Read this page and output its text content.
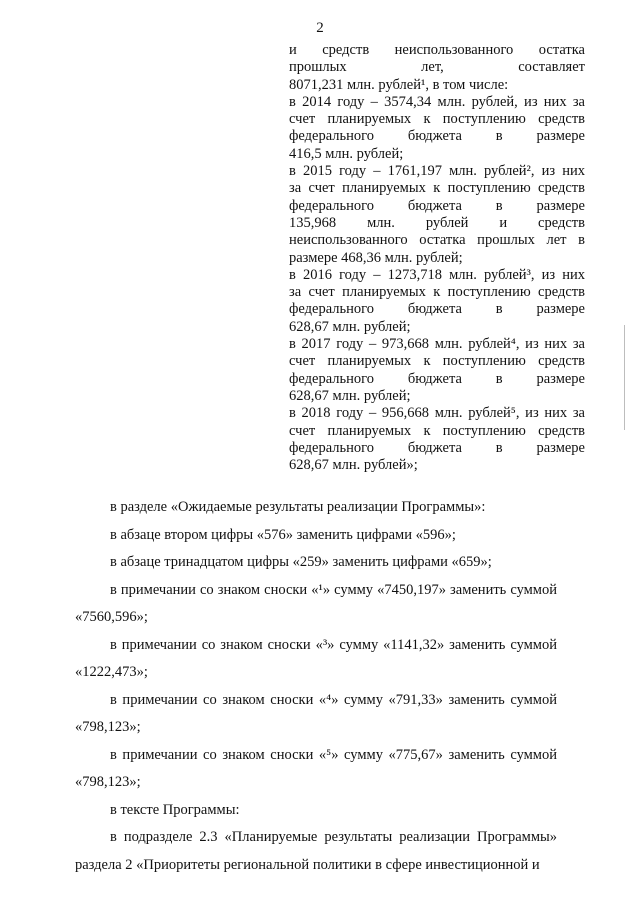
2
и средств неиспользованного остатка
прошлых лет, составляет
8071,231 млн. рублей¹, в том числе:
в 2014 году – 3574,34 млн. рублей, из них за
счет планируемых к поступлению средств
федерального бюджета в размере
416,5 млн. рублей;
в 2015 году – 1761,197 млн. рублей², из них
за счет планируемых к поступлению средств
федерального бюджета в размере
135,968 млн. рублей и средств
неиспользованного остатка прошлых лет в
размере 468,36 млн. рублей;
в 2016 году – 1273,718 млн. рублей³, из них
за счет планируемых к поступлению средств
федерального бюджета в размере
628,67 млн. рублей;
в 2017 году – 973,668 млн. рублей⁴, из них за
счет планируемых к поступлению средств
федерального бюджета в размере
628,67 млн. рублей;
в 2018 году – 956,668 млн. рублей⁵, из них за
счет планируемых к поступлению средств
федерального бюджета в размере
628,67 млн. рублей»;

в разделе «Ожидаемые результаты реализации Программы»:

в абзаце втором цифры «576» заменить цифрами «596»;

в абзаце тринадцатом цифры «259» заменить цифрами «659»;

в примечании со знаком сноски «¹» сумму «7450,197» заменить суммой «7560,596»;

в примечании со знаком сноски «³» сумму «1141,32» заменить суммой «1222,473»;

в примечании со знаком сноски «⁴» сумму «791,33» заменить суммой «798,123»;

в примечании со знаком сноски «⁵» сумму «775,67» заменить суммой «798,123»;

в тексте Программы:

в подразделе 2.3 «Планируемые результаты реализации Программы» раздела 2 «Приоритеты региональной политики в сфере инвестиционной и
